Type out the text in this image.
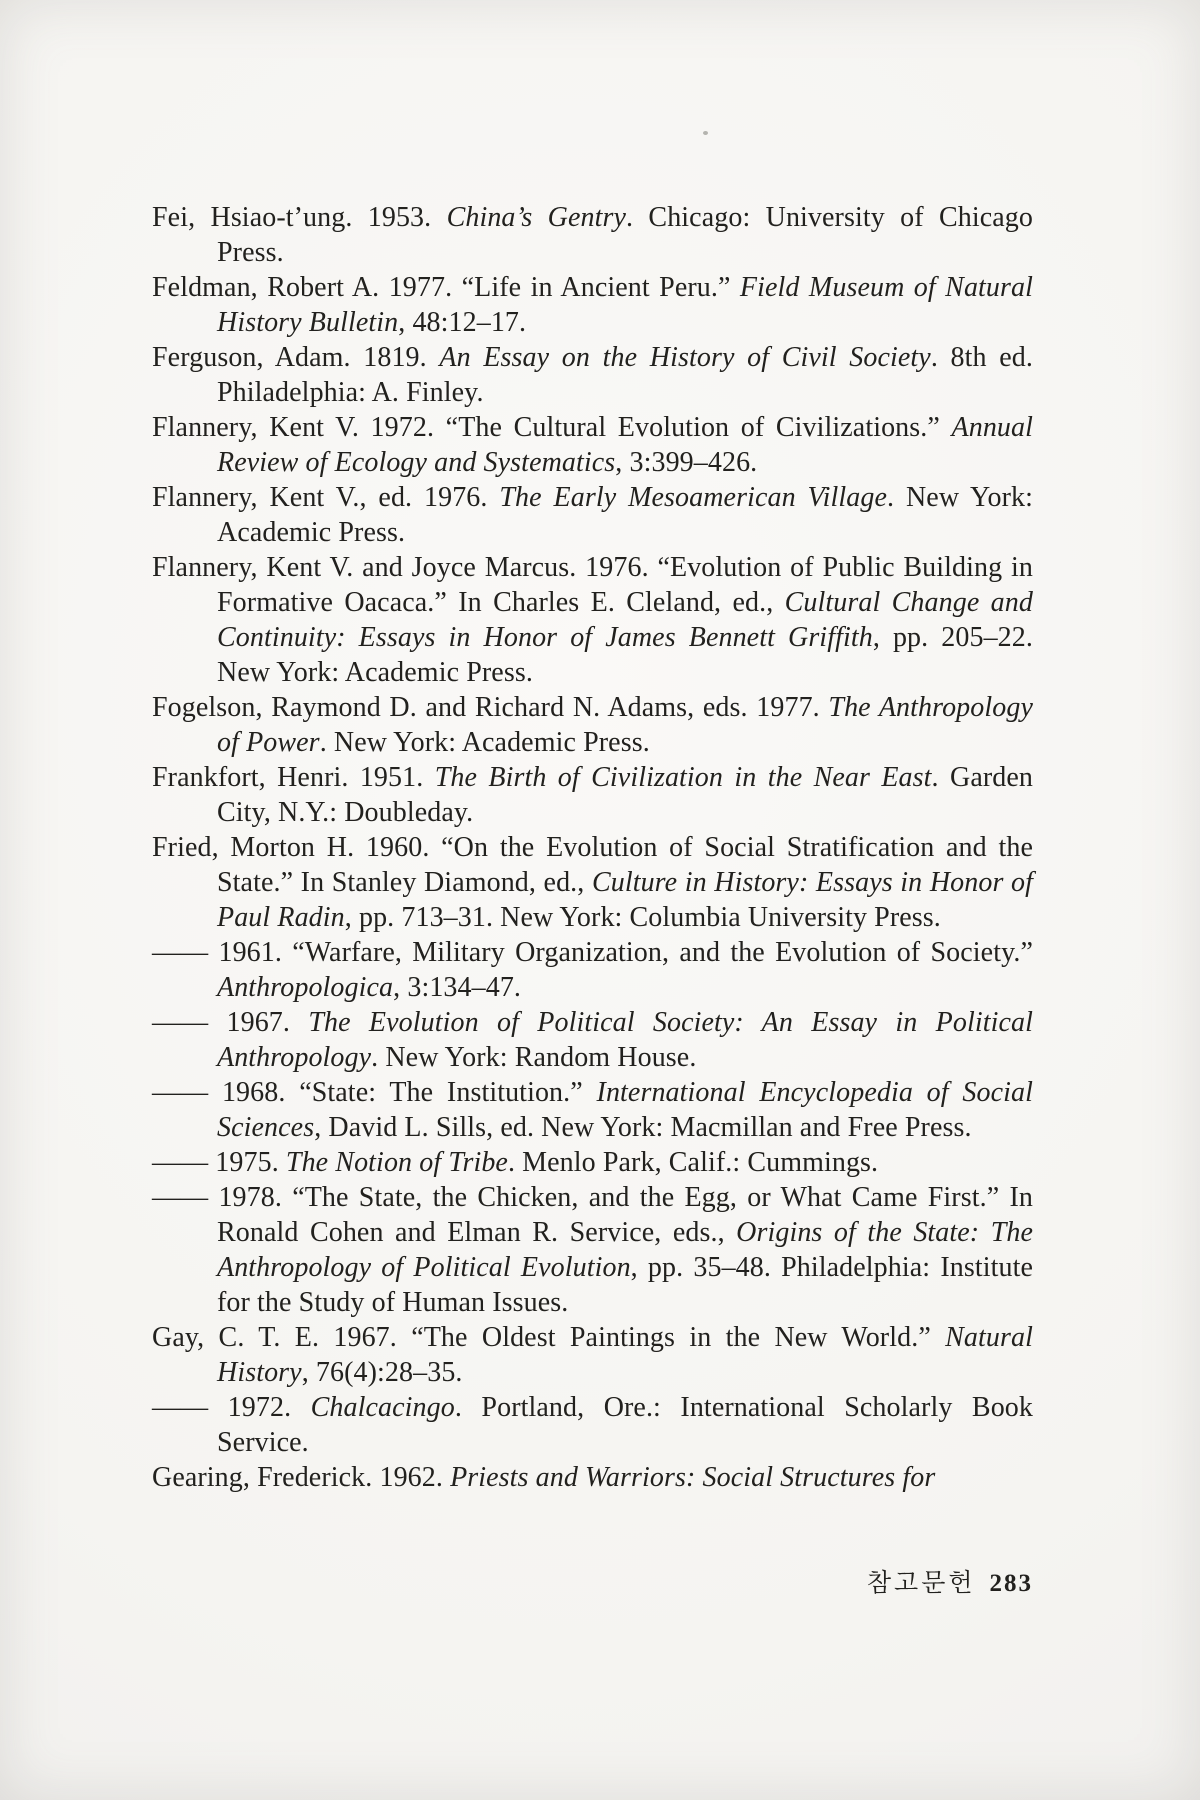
Fei, Hsiao-t’ung. 1953. China’s Gentry. Chicago: University of Chicago Press.

Feldman, Robert A. 1977. “Life in Ancient Peru.” Field Museum of Natural History Bulletin, 48:12–17.

Ferguson, Adam. 1819. An Essay on the History of Civil Society. 8th ed. Philadelphia: A. Finley.

Flannery, Kent V. 1972. “The Cultural Evolution of Civilizations.” Annual Review of Ecology and Systematics, 3:399–426.

Flannery, Kent V., ed. 1976. The Early Mesoamerican Village. New York: Academic Press.

Flannery, Kent V. and Joyce Marcus. 1976. “Evolution of Public Building in Formative Oacaca.” In Charles E. Cleland, ed., Cultural Change and Continuity: Essays in Honor of James Bennett Griffith, pp. 205–22. New York: Academic Press.

Fogelson, Raymond D. and Richard N. Adams, eds. 1977. The Anthropology of Power. New York: Academic Press.

Frankfort, Henri. 1951. The Birth of Civilization in the Near East. Garden City, N.Y.: Doubleday.

Fried, Morton H. 1960. “On the Evolution of Social Stratification and the State.” In Stanley Diamond, ed., Culture in History: Essays in Honor of Paul Radin, pp. 713–31. New York: Columbia University Press.

—— 1961. “Warfare, Military Organization, and the Evolution of Society.” Anthropologica, 3:134–47.

—— 1967. The Evolution of Political Society: An Essay in Political Anthropology. New York: Random House.

—— 1968. “State: The Institution.” International Encyclopedia of Social Sciences, David L. Sills, ed. New York: Macmillan and Free Press.

—— 1975. The Notion of Tribe. Menlo Park, Calif.: Cummings.

—— 1978. “The State, the Chicken, and the Egg, or What Came First.” In Ronald Cohen and Elman R. Service, eds., Origins of the State: The Anthropology of Political Evolution, pp. 35–48. Philadelphia: Institute for the Study of Human Issues.

Gay, C. T. E. 1967. “The Oldest Paintings in the New World.” Natural History, 76(4):28–35.

—— 1972. Chalcacingo. Portland, Ore.: International Scholarly Book Service.

Gearing, Frederick. 1962. Priests and Warriors: Social Structures for

참고문헌 283
